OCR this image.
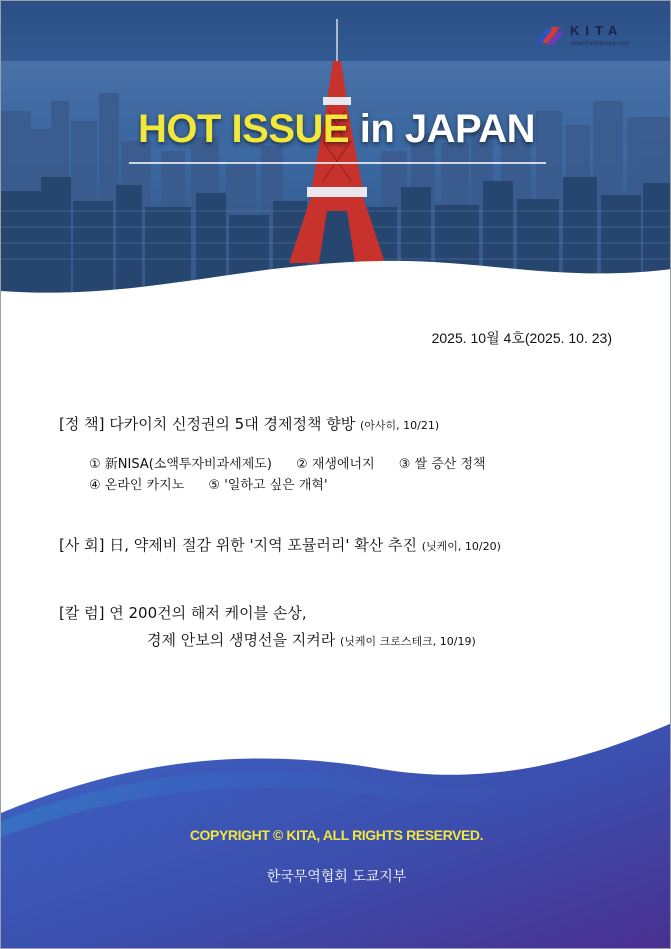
KITA
www.tradekorea.com
HOT ISSUE in JAPAN
2025. 10월 4호(2025. 10. 23)
[정 책] 다카이치 신정권의 5대 경제정책 향방 (아사히, 10/21)
① 新NISA(소액투자비과세제도) ② 재생에너지 ③ 쌀 증산 정책
④ 온라인 카지노 ⑤ '일하고 싶은 개혁'
[사 회] 日, 약제비 절감 위한 '지역 포뮬러리' 확산 추진 (닛케이, 10/20)
[칼 럼] 연 200건의 해저 케이블 손상,
경제 안보의 생명선을 지켜라 (닛케이 크로스테크, 10/19)
COPYRIGHT © KITA, ALL RIGHTS RESERVED.
한국무역협회 도쿄지부
